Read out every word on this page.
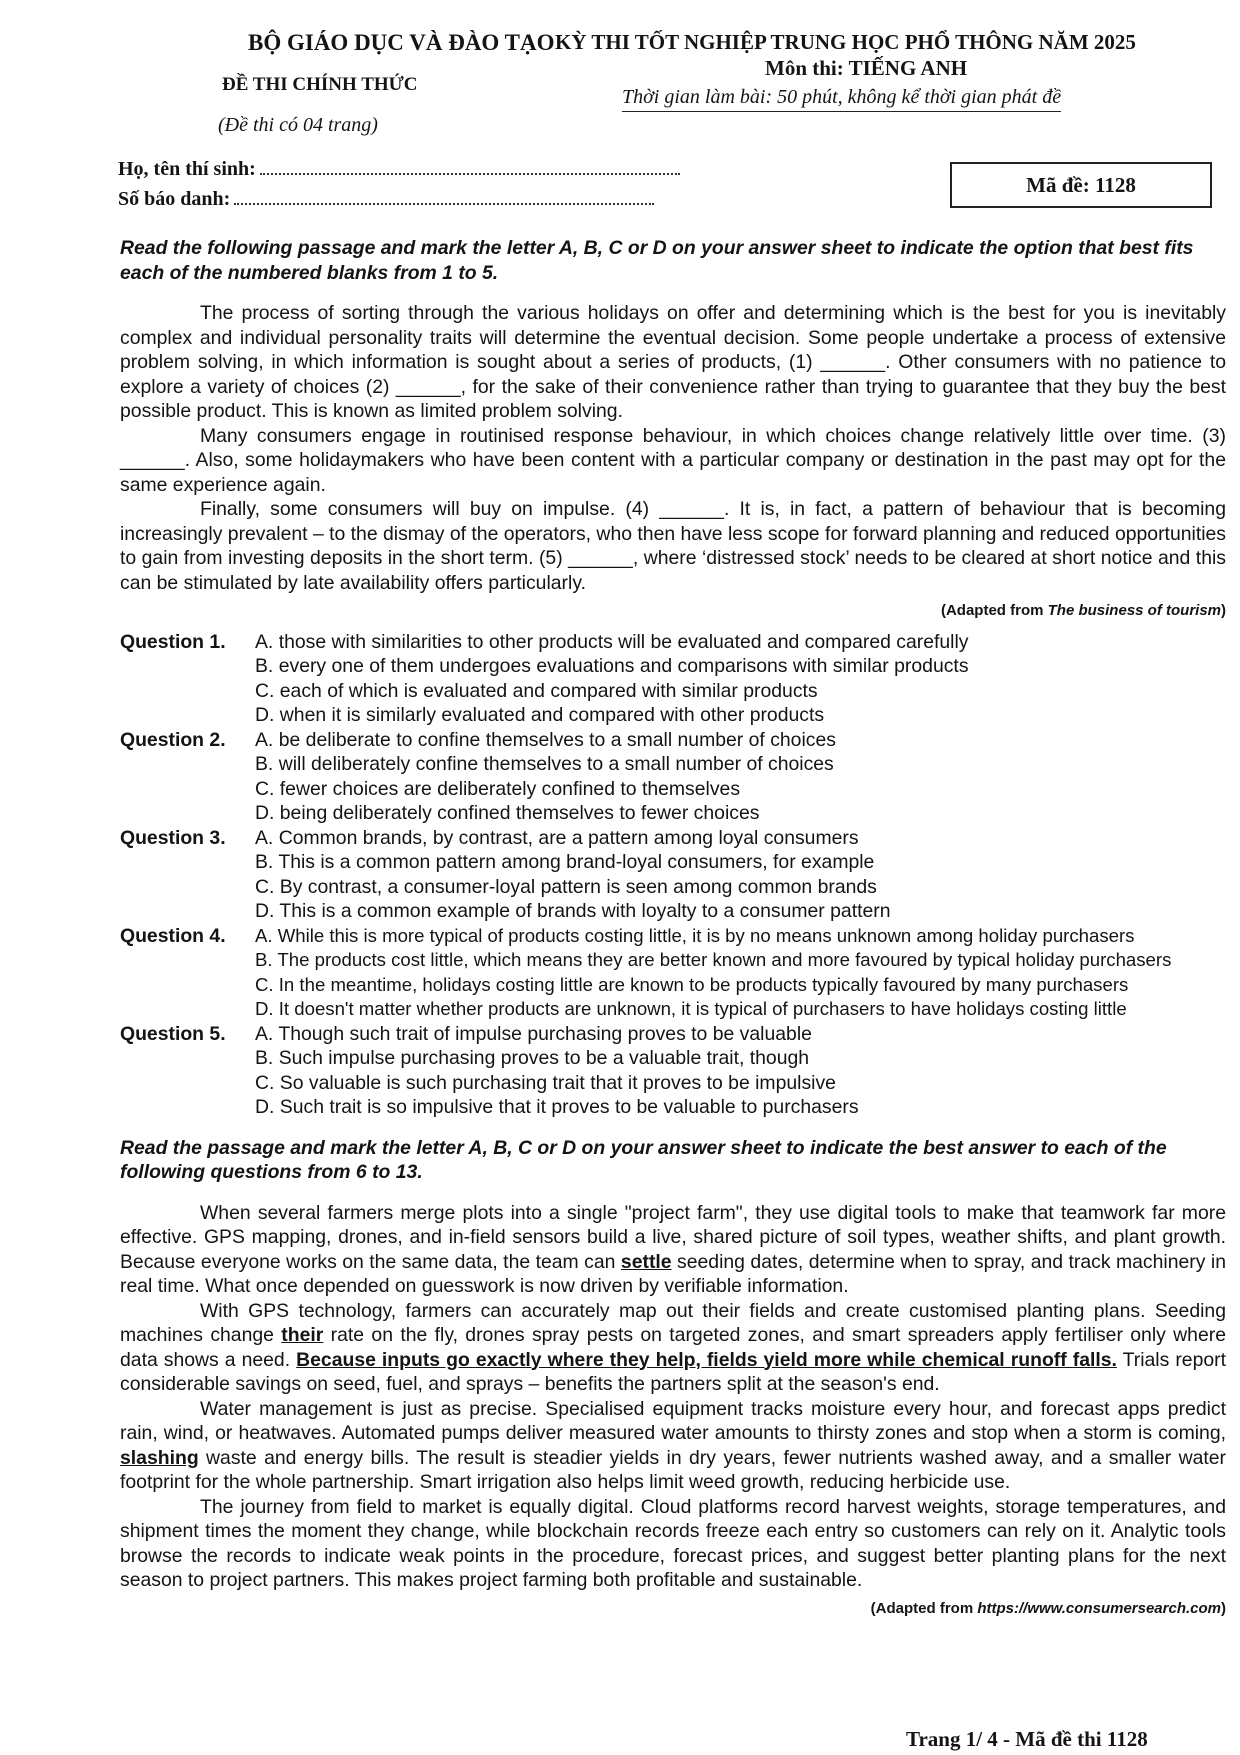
BỘ GIÁO DỤC VÀ ĐÀO TẠO
ĐỀ THI CHÍNH THỨC
(Đề thi có 04 trang)
KỲ THI TỐT NGHIỆP TRUNG HỌC PHỔ THÔNG NĂM 2025
Môn thi: TIẾNG ANH
Thời gian làm bài: 50 phút, không kể thời gian phát đề
Họ, tên thí sinh:
Số báo danh:
Mã đề: 1128
Read the following passage and mark the letter A, B, C or D on your answer sheet to indicate the option that best fits each of the numbered blanks from 1 to 5.
The process of sorting through the various holidays on offer and determining which is the best for you is inevitably complex and individual personality traits will determine the eventual decision. Some people undertake a process of extensive problem solving, in which information is sought about a series of products, (1) ______. Other consumers with no patience to explore a variety of choices (2) ______, for the sake of their convenience rather than trying to guarantee that they buy the best possible product. This is known as limited problem solving.
Many consumers engage in routinised response behaviour, in which choices change relatively little over time. (3) ______. Also, some holidaymakers who have been content with a particular company or destination in the past may opt for the same experience again.
Finally, some consumers will buy on impulse. (4) ______. It is, in fact, a pattern of behaviour that is becoming increasingly prevalent – to the dismay of the operators, who then have less scope for forward planning and reduced opportunities to gain from investing deposits in the short term. (5) ______, where ‘distressed stock’ needs to be cleared at short notice and this can be stimulated by late availability offers particularly.
(Adapted from The business of tourism)
Question 1.	A. those with similarities to other products will be evaluated and compared carefully
B. every one of them undergoes evaluations and comparisons with similar products
C. each of which is evaluated and compared with similar products
D. when it is similarly evaluated and compared with other products
Question 2.	A. be deliberate to confine themselves to a small number of choices
B. will deliberately confine themselves to a small number of choices
C. fewer choices are deliberately confined to themselves
D. being deliberately confined themselves to fewer choices
Question 3.	A. Common brands, by contrast, are a pattern among loyal consumers
B. This is a common pattern among brand-loyal consumers, for example
C. By contrast, a consumer-loyal pattern is seen among common brands
D. This is a common example of brands with loyalty to a consumer pattern
Question 4.	A. While this is more typical of products costing little, it is by no means unknown among holiday purchasers
B. The products cost little, which means they are better known and more favoured by typical holiday purchasers
C. In the meantime, holidays costing little are known to be products typically favoured by many purchasers
D. It doesn't matter whether products are unknown, it is typical of purchasers to have holidays costing little
Question 5.	A. Though such trait of impulse purchasing proves to be valuable
B. Such impulse purchasing proves to be a valuable trait, though
C. So valuable is such purchasing trait that it proves to be impulsive
D. Such trait is so impulsive that it proves to be valuable to purchasers
Read the passage and mark the letter A, B, C or D on your answer sheet to indicate the best answer to each of the following questions from 6 to 13.
When several farmers merge plots into a single "project farm", they use digital tools to make that teamwork far more effective. GPS mapping, drones, and in-field sensors build a live, shared picture of soil types, weather shifts, and plant growth. Because everyone works on the same data, the team can settle seeding dates, determine when to spray, and track machinery in real time. What once depended on guesswork is now driven by verifiable information.
With GPS technology, farmers can accurately map out their fields and create customised planting plans. Seeding machines change their rate on the fly, drones spray pests on targeted zones, and smart spreaders apply fertiliser only where data shows a need. Because inputs go exactly where they help, fields yield more while chemical runoff falls. Trials report considerable savings on seed, fuel, and sprays – benefits the partners split at the season's end.
Water management is just as precise. Specialised equipment tracks moisture every hour, and forecast apps predict rain, wind, or heatwaves. Automated pumps deliver measured water amounts to thirsty zones and stop when a storm is coming, slashing waste and energy bills. The result is steadier yields in dry years, fewer nutrients washed away, and a smaller water footprint for the whole partnership. Smart irrigation also helps limit weed growth, reducing herbicide use.
The journey from field to market is equally digital. Cloud platforms record harvest weights, storage temperatures, and shipment times the moment they change, while blockchain records freeze each entry so customers can rely on it. Analytic tools browse the records to indicate weak points in the procedure, forecast prices, and suggest better planting plans for the next season to project partners. This makes project farming both profitable and sustainable.
(Adapted from https://www.consumersearch.com)
Trang 1/ 4 - Mã đề thi 1128
